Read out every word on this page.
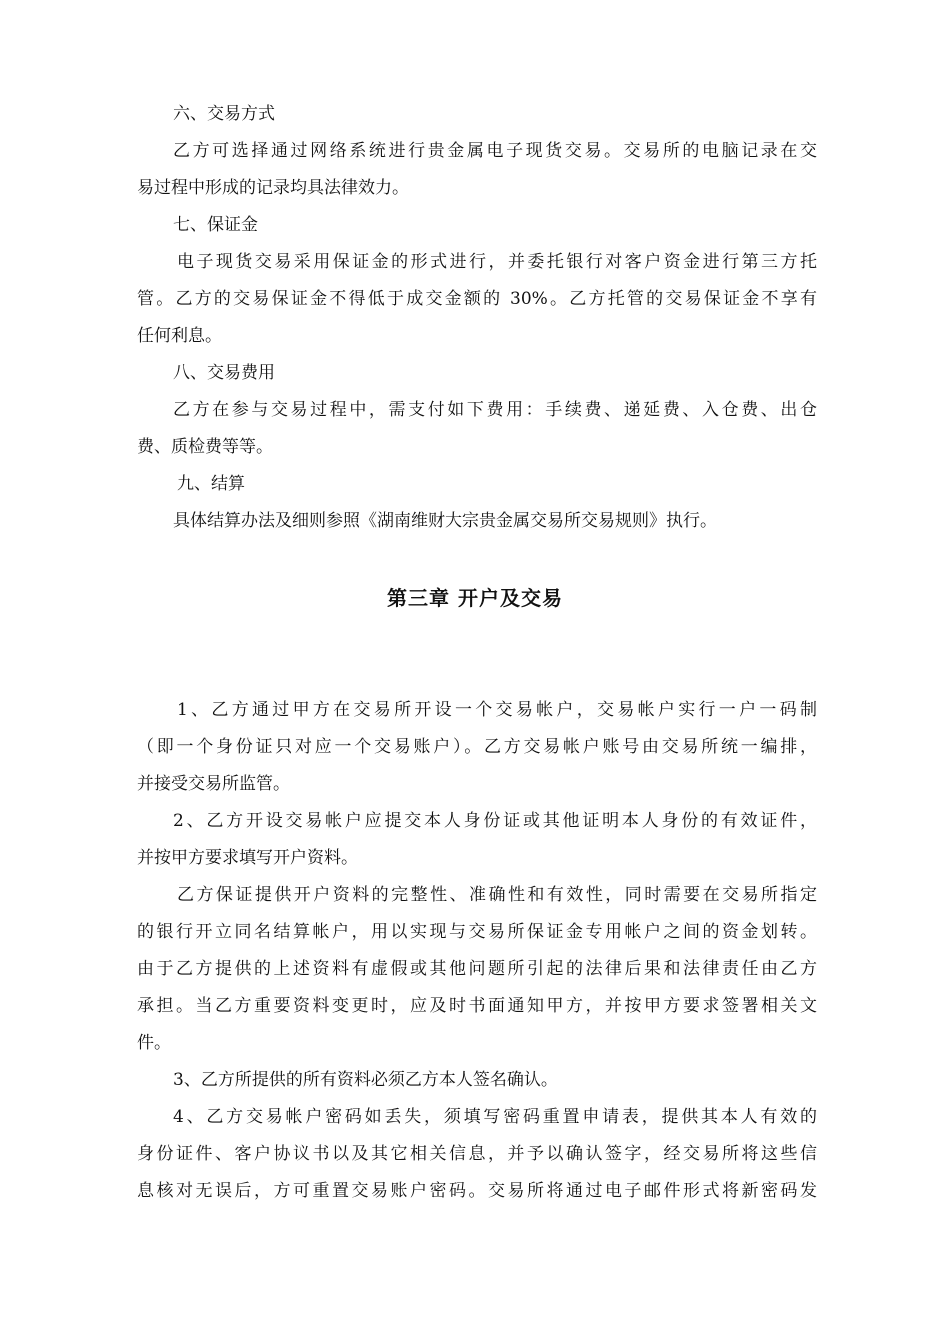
六、交易方式
乙方可选择通过网络系统进行贵金属电子现货交易。交易所的电脑记录在交
易过程中形成的记录均具法律效力。
七、保证金
电子现货交易采用保证金的形式进行，并委托银行对客户资金进行第三方托
管。乙方的交易保证金不得低于成交金额的 30%。乙方托管的交易保证金不享有
任何利息。
八、交易费用
乙方在参与交易过程中，需支付如下费用：手续费、递延费、入仓费、出仓
费、质检费等等。
九、结算
具体结算办法及细则参照《湖南维财大宗贵金属交易所交易规则》执行。
第三章 开户及交易
1、乙方通过甲方在交易所开设一个交易帐户，交易帐户实行一户一码制
（即一个身份证只对应一个交易账户）。乙方交易帐户账号由交易所统一编排，
并接受交易所监管。
2、乙方开设交易帐户应提交本人身份证或其他证明本人身份的有效证件，
并按甲方要求填写开户资料。
乙方保证提供开户资料的完整性、准确性和有效性，同时需要在交易所指定
的银行开立同名结算帐户，用以实现与交易所保证金专用帐户之间的资金划转。
由于乙方提供的上述资料有虚假或其他问题所引起的法律后果和法律责任由乙方
承担。当乙方重要资料变更时，应及时书面通知甲方，并按甲方要求签署相关文
件。
3、乙方所提供的所有资料必须乙方本人签名确认。
4、乙方交易帐户密码如丢失，须填写密码重置申请表，提供其本人有效的
身份证件、客户协议书以及其它相关信息，并予以确认签字，经交易所将这些信
息核对无误后，方可重置交易账户密码。交易所将通过电子邮件形式将新密码发
